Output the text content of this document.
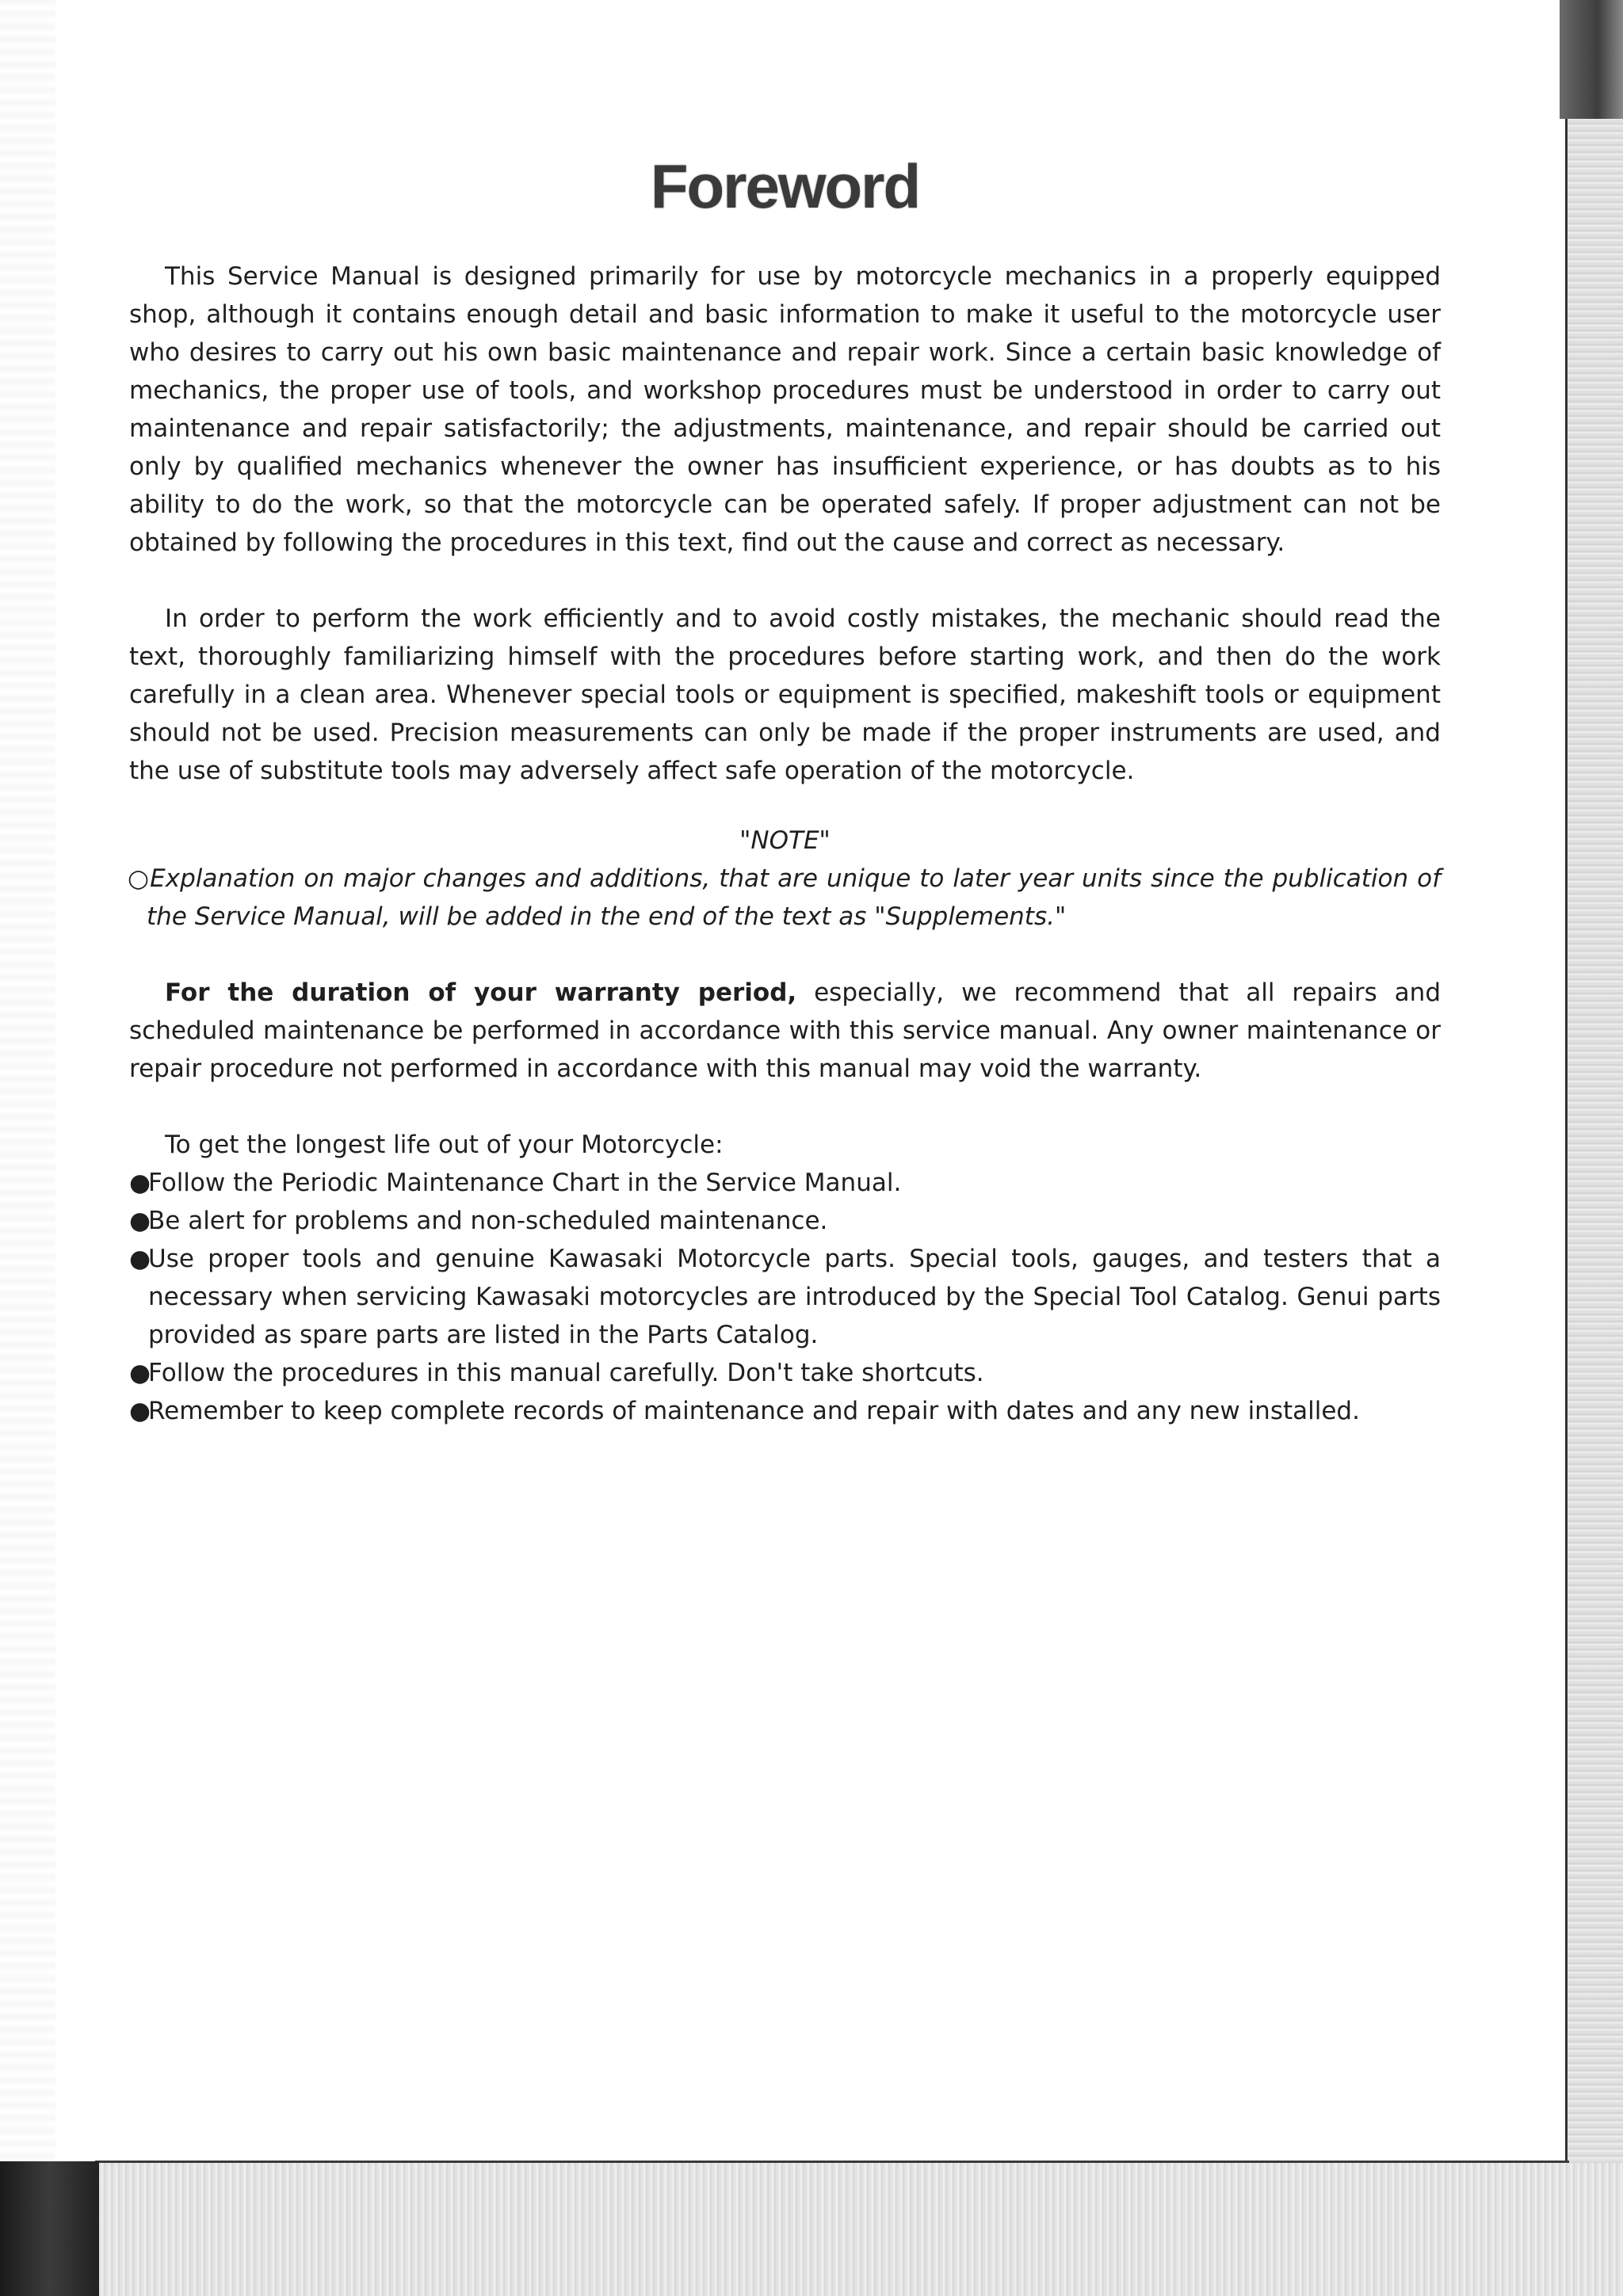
Foreword

This Service Manual is designed primarily for use by motorcycle mechanics in a properly equipped shop, although it contains enough detail and basic information to make it useful to the motorcycle user who desires to carry out his own basic maintenance and repair work. Since a certain basic knowledge of mechanics, the proper use of tools, and workshop procedures must be understood in order to carry out maintenance and repair satisfactorily; the adjustments, maintenance, and repair should be carried out only by qualified mechanics whenever the owner has insufficient experience, or has doubts as to his ability to do the work, so that the motorcycle can be operated safely. If proper adjustment can not be obtained by following the procedures in this text, find out the cause and correct as necessary.

In order to perform the work efficiently and to avoid costly mistakes, the mechanic should read the text, thoroughly familiarizing himself with the procedures before starting work, and then do the work carefully in a clean area. Whenever special tools or equipment is specified, makeshift tools or equipment should not be used. Precision measurements can only be made if the proper instruments are used, and the use of substitute tools may adversely affect safe operation of the motorcycle.

"NOTE"

○Explanation on major changes and additions, that are unique to later year units since the publication of the Service Manual, will be added in the end of the text as "Supplements."

For the duration of your warranty period, especially, we recommend that all repairs and scheduled maintenance be performed in accordance with this service manual. Any owner maintenance or repair procedure not performed in accordance with this manual may void the warranty.

To get the longest life out of your Motorcycle:

●Follow the Periodic Maintenance Chart in the Service Manual.
●Be alert for problems and non-scheduled maintenance.
●Use proper tools and genuine Kawasaki Motorcycle parts. Special tools, gauges, and testers that a necessary when servicing Kawasaki motorcycles are introduced by the Special Tool Catalog. Genui parts provided as spare parts are listed in the Parts Catalog.
●Follow the procedures in this manual carefully. Don't take shortcuts.
●Remember to keep complete records of maintenance and repair with dates and any new installed.
